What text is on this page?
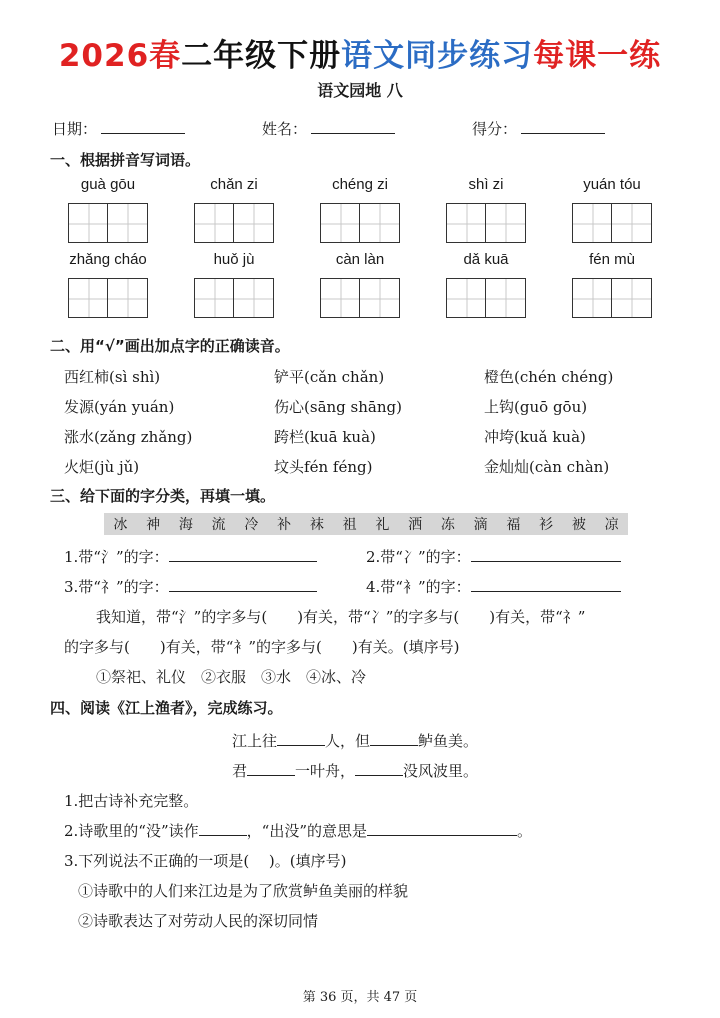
2026春二年级下册语文同步练习每课一练
语文园地 八
日期：	姓名：	得分：
一、根据拼音写词语。
guà gōu	chǎn zi	chéng zi	shì zi	yuán tóu
zhǎng cháo	huǒ jù	càn làn	dǎ kuā	fén mù
二、用“√”画出加点字的正确读音。
西红柿(sì shì)	铲平(cǎn chǎn)	橙色(chén chéng)
发源(yán yuán)	伤心(sāng shāng)	上钩(guō gōu)
涨水(zǎng zhǎng)	跨栏(kuā kuà)	冲垮(kuǎ kuà)
火炬(jù jǔ)	坟头fén féng)	金灿灿(càn chàn)
三、给下面的字分类，再填一填。
冰 神 海 流 冷 补 袜 祖 礼 洒 冻 滴 福 衫 被 凉
1.带“氵”的字：	2.带“冫”的字：
3.带“礻”的字：	4.带“衤”的字：
我知道，带“氵”的字多与(　　)有关，带“冫”的字多与(　　)有关，带“礻”
的字多与(　　)有关，带“衤”的字多与(　　)有关。(填序号)
①祭祀、礼仪　②衣服　③水　④冰、冷
四、阅读《江上渔者》，完成练习。
江上往	人，但	鲈鱼美。
君	一叶舟，	没风波里。
1.把古诗补充完整。
2.诗歌里的“没”读作	，“出没”的意思是	。
3.下列说法不正确的一项是(　 )。(填序号)
①诗歌中的人们来江边是为了欣赏鲈鱼美丽的样貌
②诗歌表达了对劳动人民的深切同情
第 36 页，共 47 页
